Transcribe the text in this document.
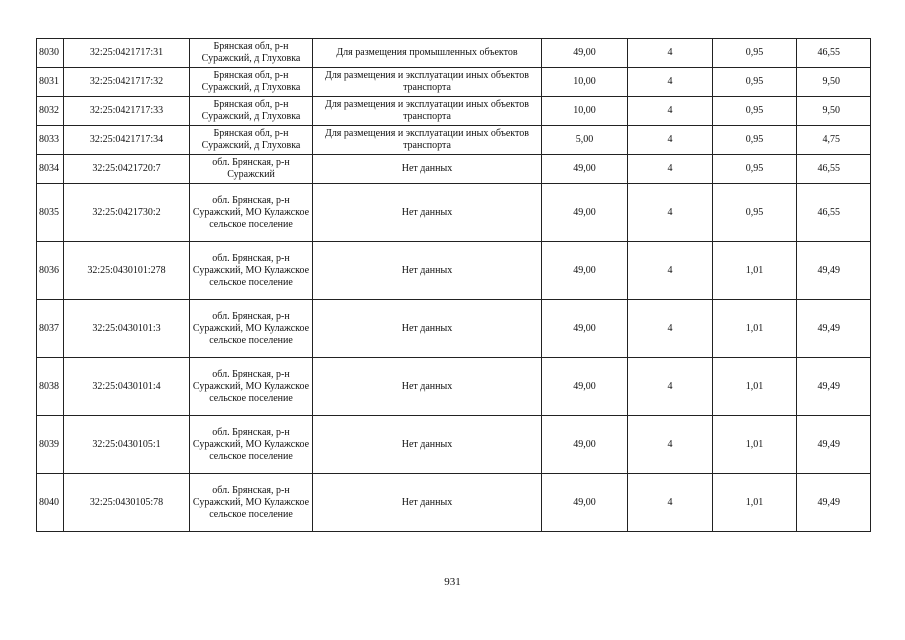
8030	32:25:0421717:31	Брянская обл, р-н Суражский, д Глуховка	Для размещения промышленных объектов	49,00	4	0,95	46,55
8031	32:25:0421717:32	Брянская обл, р-н Суражский, д Глуховка	Для размещения и эксплуатации иных объектов транспорта	10,00	4	0,95	9,50
8032	32:25:0421717:33	Брянская обл, р-н Суражский, д Глуховка	Для размещения и эксплуатации иных объектов транспорта	10,00	4	0,95	9,50
8033	32:25:0421717:34	Брянская обл, р-н Суражский, д Глуховка	Для размещения и эксплуатации иных объектов транспорта	5,00	4	0,95	4,75
8034	32:25:0421720:7	обл. Брянская, р-н Суражский	Нет данных	49,00	4	0,95	46,55
8035	32:25:0421730:2	обл. Брянская, р-н Суражский, МО Кулажское сельское поселение	Нет данных	49,00	4	0,95	46,55
8036	32:25:0430101:278	обл. Брянская, р-н Суражский, МО Кулажское сельское поселение	Нет данных	49,00	4	1,01	49,49
8037	32:25:0430101:3	обл. Брянская, р-н Суражский, МО Кулажское сельское поселение	Нет данных	49,00	4	1,01	49,49
8038	32:25:0430101:4	обл. Брянская, р-н Суражский, МО Кулажское сельское поселение	Нет данных	49,00	4	1,01	49,49
8039	32:25:0430105:1	обл. Брянская, р-н Суражский, МО Кулажское сельское поселение	Нет данных	49,00	4	1,01	49,49
8040	32:25:0430105:78	обл. Брянская, р-н Суражский, МО Кулажское сельское поселение	Нет данных	49,00	4	1,01	49,49
931
